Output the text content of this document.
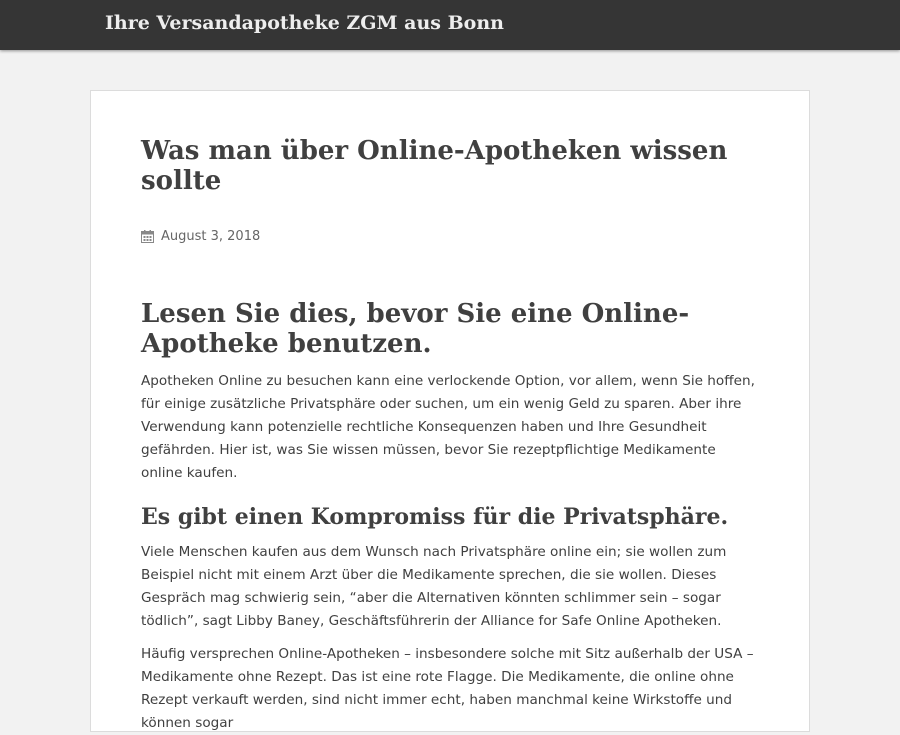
Ihre Versandapotheke ZGM aus Bonn
Was man über Online-Apotheken wissen sollte
August 3, 2018
Lesen Sie dies, bevor Sie eine Online-Apotheke benutzen.

Apotheken Online zu besuchen kann eine verlockende Option, vor allem, wenn Sie hoffen, für einige zusätzliche Privatsphäre oder suchen, um ein wenig Geld zu sparen. Aber ihre Verwendung kann potenzielle rechtliche Konsequenzen haben und Ihre Gesundheit gefährden. Hier ist, was Sie wissen müssen, bevor Sie rezeptpflichtige Medikamente online kaufen.

Es gibt einen Kompromiss für die Privatsphäre.

Viele Menschen kaufen aus dem Wunsch nach Privatsphäre online ein; sie wollen zum Beispiel nicht mit einem Arzt über die Medikamente sprechen, die sie wollen. Dieses Gespräch mag schwierig sein, “aber die Alternativen könnten schlimmer sein – sogar tödlich”, sagt Libby Baney, Geschäftsführerin der Alliance for Safe Online Apotheken.

Häufig versprechen Online-Apotheken – insbesondere solche mit Sitz außerhalb der USA – Medikamente ohne Rezept. Das ist eine rote Flagge. Die Medikamente, die online ohne Rezept verkauft werden, sind nicht immer echt, haben manchmal keine Wirkstoffe und können sogar
